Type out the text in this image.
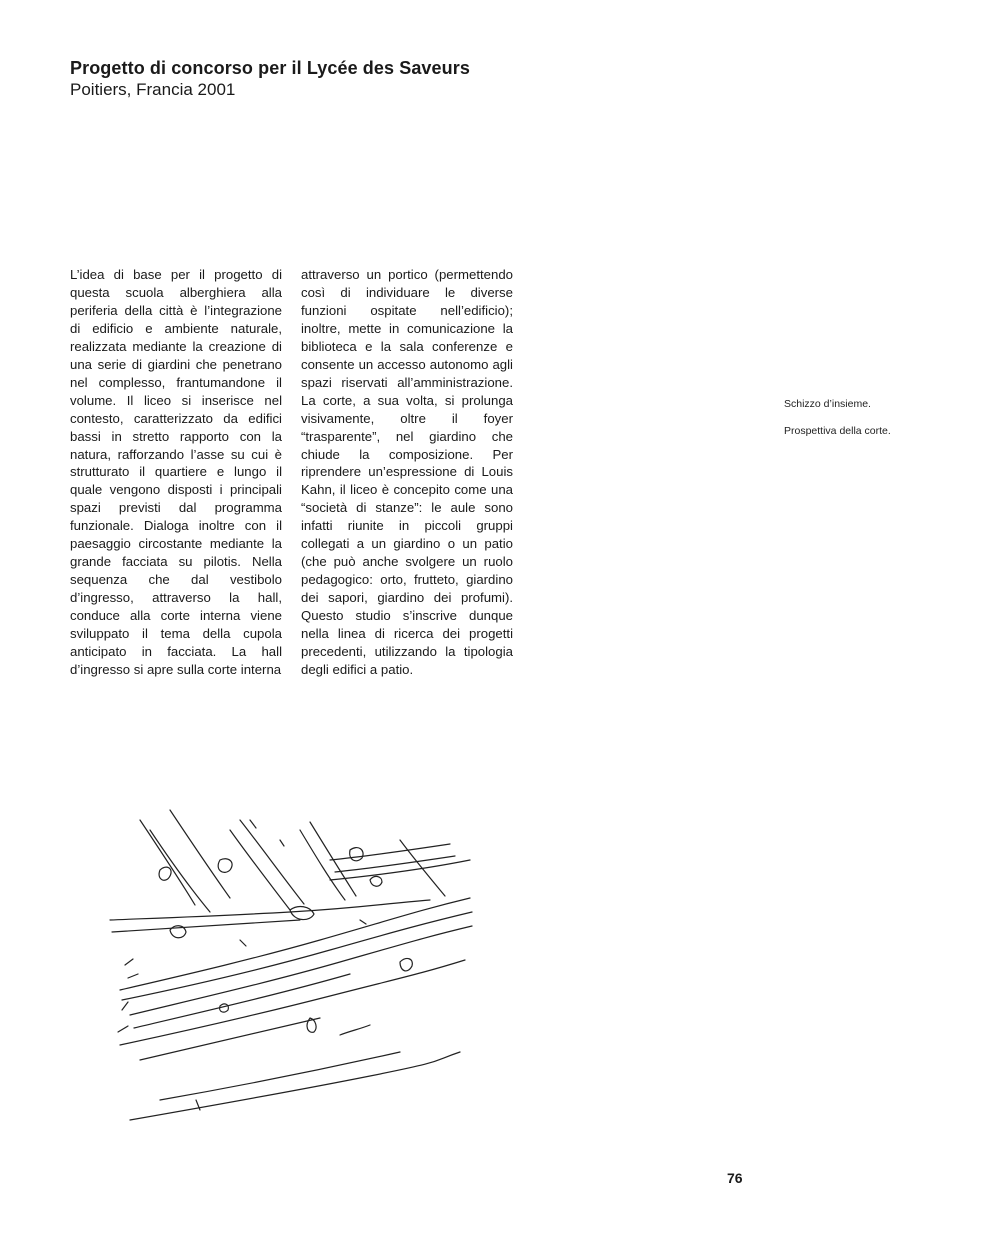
Progetto di concorso per il Lycée des Saveurs
Poitiers, Francia 2001
L’idea di base per il progetto di questa scuola alberghiera alla periferia della città è l’integrazione di edificio e ambiente naturale, realizzata mediante la creazione di una serie di giardini che penetrano nel complesso, frantumandone il volume. Il liceo si inserisce nel contesto, caratterizzato da edifici bassi in stretto rapporto con la natura, rafforzando l’asse su cui è strutturato il quartiere e lungo il quale vengono disposti i principali spazi previsti dal programma funzionale. Dialoga inoltre con il paesaggio circostante mediante la grande facciata su pilotis. Nella sequenza che dal vestibolo d’ingresso, attraverso la hall, conduce alla corte interna viene sviluppato il tema della cupola anticipato in facciata. La hall d’ingresso si apre sulla corte interna
attraverso un portico (permettendo così di individuare le diverse funzioni ospitate nell’edificio); inoltre, mette in comunicazione la biblioteca e la sala conferenze e consente un accesso autonomo agli spazi riservati all’amministrazione. La corte, a sua volta, si prolunga visivamente, oltre il foyer “trasparente”, nel giardino che chiude la composizione. Per riprendere un’espressione di Louis Kahn, il liceo è concepito come una “società di stanze”: le aule sono infatti riunite in piccoli gruppi collegati a un giardino o un patio (che può anche svolgere un ruolo pedagogico: orto, frutteto, giardino dei sapori, giardino dei profumi). Questo studio s’inscrive dunque nella linea di ricerca dei progetti precedenti, utilizzando la tipologia degli edifici a patio.
Schizzo d’insieme.
Prospettiva della corte.
76
